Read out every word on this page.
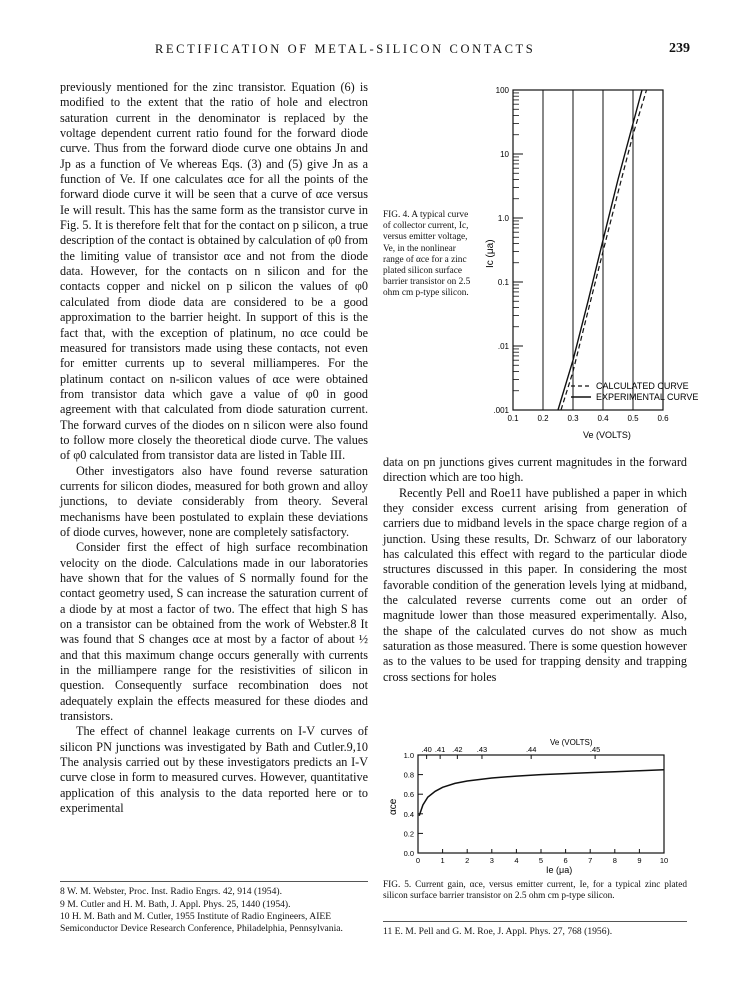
RECTIFICATION OF METAL-SILICON CONTACTS	239

previously mentioned for the zinc transistor. Equation (6) is modified to the extent that the ratio of hole and electron saturation current in the denominator is replaced by the voltage dependent current ratio found for the forward diode curve. Thus from the forward diode curve one obtains Jn and Jp as a function of Ve whereas Eqs. (3) and (5) give Jn as a function of Ve. If one calculates αce for all the points of the forward diode curve it will be seen that a curve of αce versus Ie will result. This has the same form as the transistor curve in Fig. 5. It is therefore felt that for the contact on p silicon, a true description of the contact is obtained by calculation of φ0 from the limiting value of transistor αce and not from the diode data. However, for the contacts on n silicon and for the contacts copper and nickel on p silicon the values of φ0 calculated from diode data are considered to be a good approximation to the barrier height. In support of this is the fact that, with the exception of platinum, no αce could be measured for transistors made using these contacts, not even for emitter currents up to several milliamperes. For the platinum contact on n-silicon values of αce were obtained from transistor data which gave a value of φ0 in good agreement with that calculated from diode saturation current. The forward curves of the diodes on n silicon were also found to follow more closely the theoretical diode curve. The values of φ0 calculated from transistor data are listed in Table III.

Other investigators also have found reverse saturation currents for silicon diodes, measured for both grown and alloy junctions, to deviate considerably from theory. Several mechanisms have been postulated to explain these deviations of diode curves, however, none are completely satisfactory.

Consider first the effect of high surface recombination velocity on the diode. Calculations made in our laboratories have shown that for the values of S normally found for the contact geometry used, S can increase the saturation current of a diode by at most a factor of two. The effect that high S has on a transistor can be obtained from the work of Webster.8 It was found that S changes αce at most by a factor of about ½ and that this maximum change occurs generally with currents in the milliampere range for the resistivities of silicon in question. Consequently surface recombination does not adequately explain the effects measured for these diodes and transistors.

The effect of channel leakage currents on I-V curves of silicon PN junctions was investigated by Bath and Cutler.9,10 The analysis carried out by these investigators predicts an I-V curve close in form to measured curves. However, quantitative application of this analysis to the data reported here or to experimental

FIG. 4. A typical curve of collector current, Ic, versus emitter voltage, Ve, in the nonlinear range of αce for a zinc plated silicon surface barrier transistor on 2.5 ohm cm p-type silicon.
100
10
1.0
0.1
.01
.001
0.1 0.2 0.3 0.4 0.5 0.6
CALCULATED CURVE
EXPERIMENTAL CURVE
Ic (μa)
Ve (VOLTS)

data on pn junctions gives current magnitudes in the forward direction which are too high.

Recently Pell and Roe11 have published a paper in which they consider excess current arising from generation of carriers due to midband levels in the space charge region of a junction. Using these results, Dr. Schwarz of our laboratory has calculated this effect with regard to the particular diode structures discussed in this paper. In considering the most favorable condition of the generation levels lying at midband, the calculated reverse currents come out an order of magnitude lower than those measured experimentally. Also, the shape of the calculated curves do not show as much saturation as those measured. There is some question however as to the values to be used for trapping density and trapping cross sections for holes

1.0
0.8
0.6
0.4
0.2
0.0
0	1	2	3	4	5	6	7	8	9 10
.40 .41 .42 .43	.44	.45
Ve (VOLTS)
αce
Ie (μa)
FIG. 5. Current gain, αce, versus emitter current, Ie, for a typical zinc plated silicon surface barrier transistor on 2.5 ohm cm p-type silicon.
8 W. M. Webster, Proc. Inst. Radio Engrs. 42, 914 (1954).
9 M. Cutler and H. M. Bath, J. Appl. Phys. 25, 1440 (1954).
10 H. M. Bath and M. Cutler, 1955 Institute of Radio Engineers, AIEE Semiconductor Device Research Conference, Philadelphia, Pennsylvania.	11 E. M. Pell and G. M. Roe, J. Appl. Phys. 27, 768 (1956).
